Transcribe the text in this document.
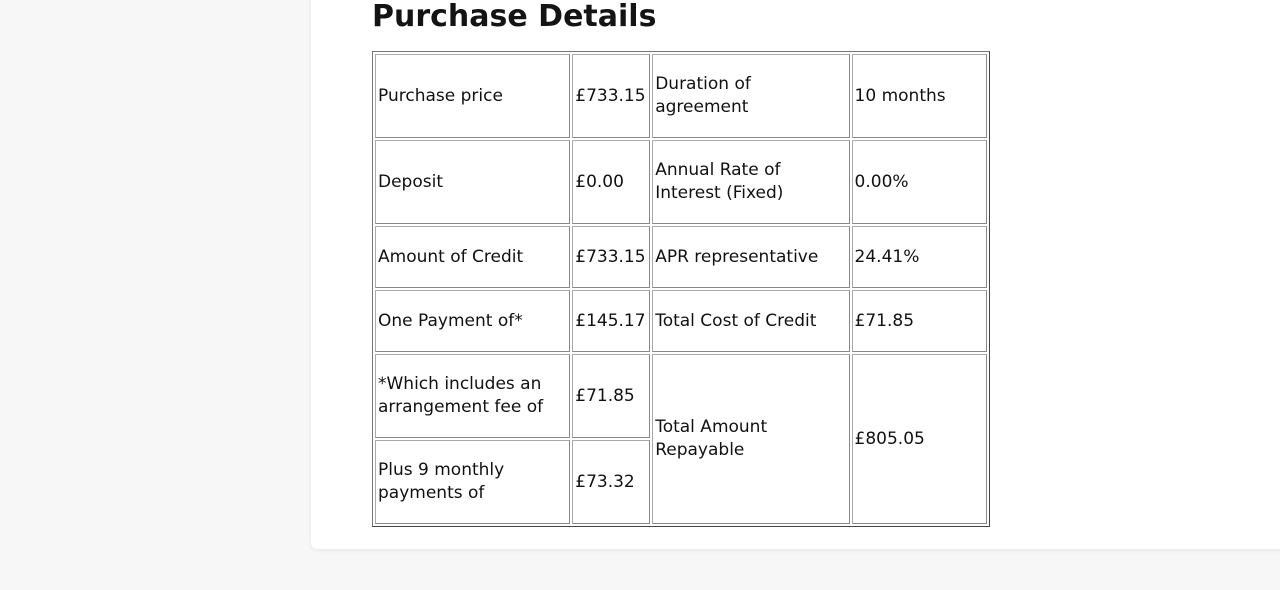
Purchase Details
Purchase price	£733.15	Duration of agreement	10 months
Deposit	£0.00	Annual Rate of Interest (Fixed)	0.00%
Amount of Credit	£733.15	APR representative	24.41%
One Payment of*	£145.17	Total Cost of Credit	£71.85
*Which includes an arrangement fee of	£71.85	Total Amount Repayable	£805.05
Plus 9 monthly payments of	£73.32		
